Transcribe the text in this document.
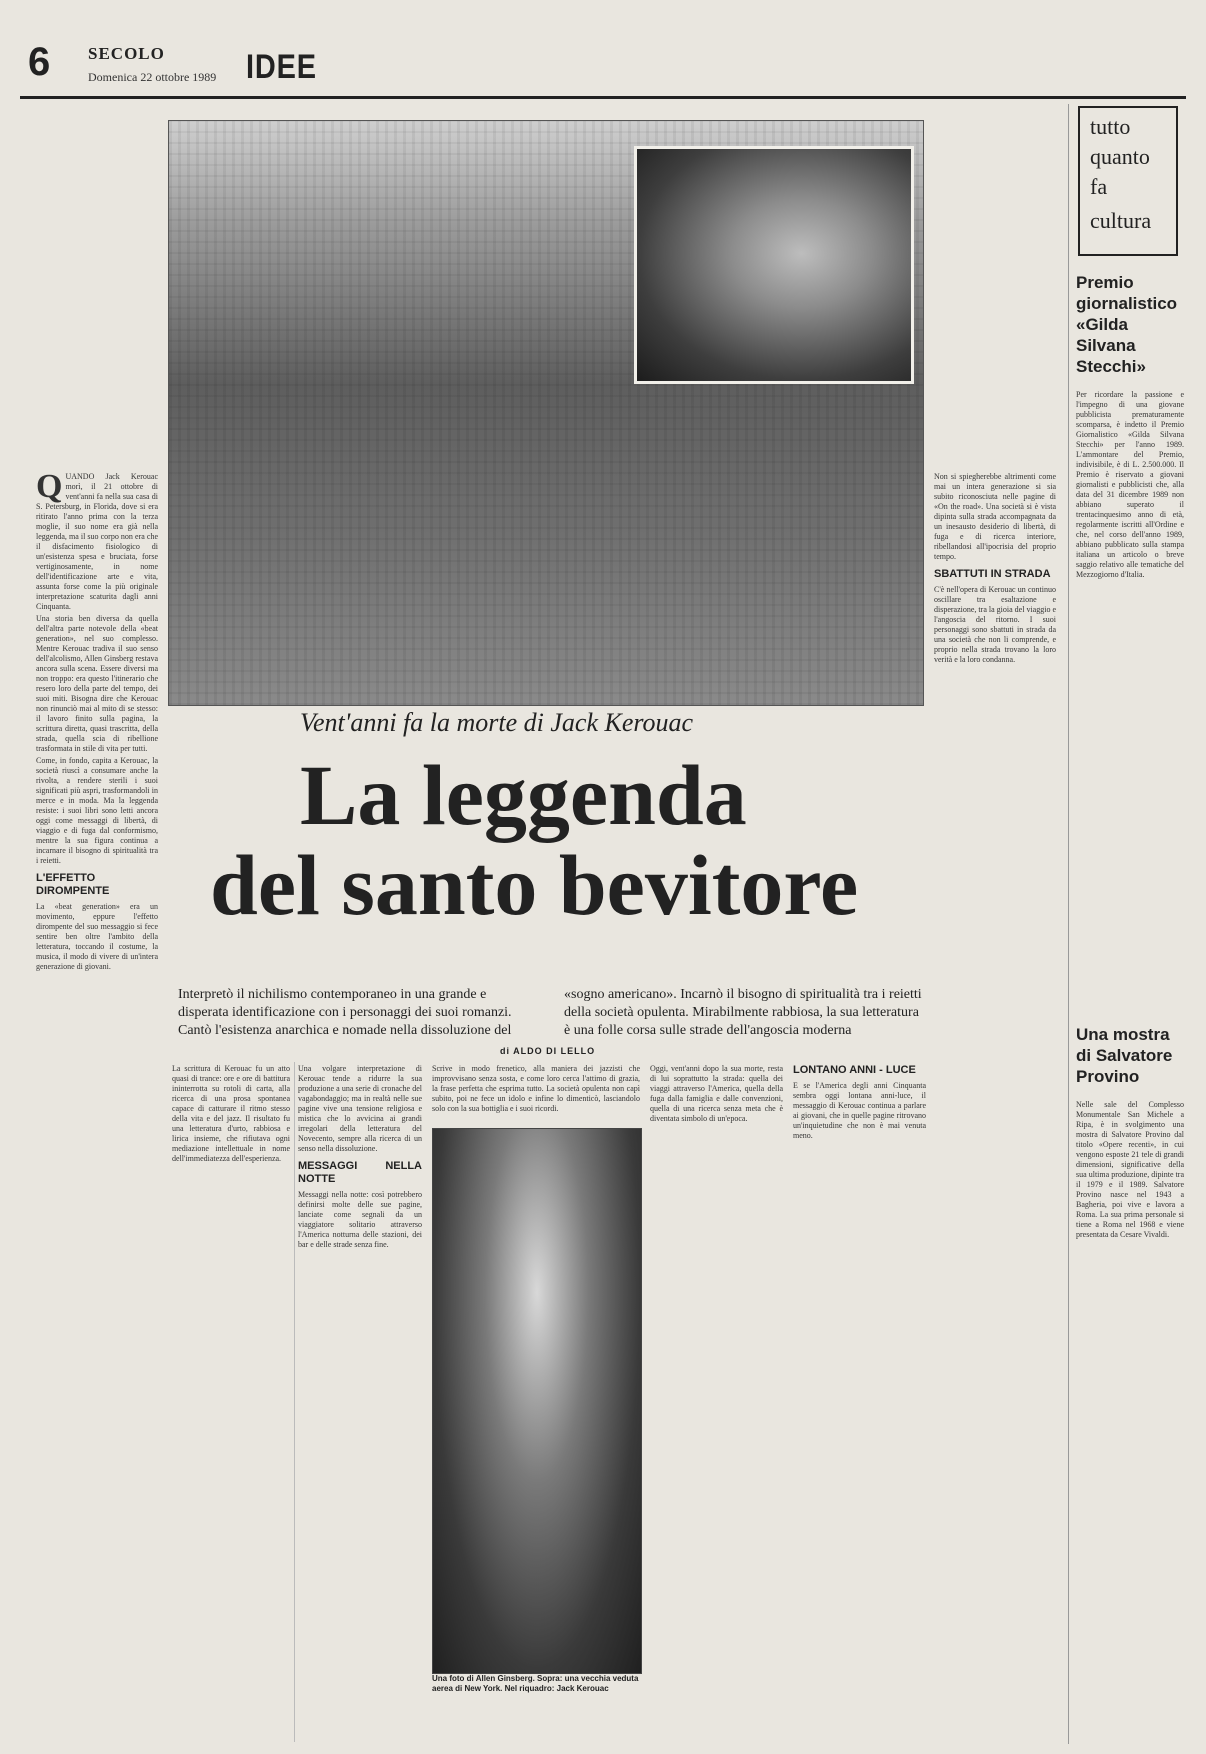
6 SECOLO
Domenica 22 ottobre 1989 IDEE

QUANDO Jack Kerouac morì, il 21 ottobre di vent'anni fa nella sua casa di S. Petersburg, in Florida, dove si era ritirato l'anno prima con la terza moglie, il suo nome era già nella leggenda, ma il suo corpo non era che il disfacimento fisiologico di un'esistenza spesa e bruciata, forse vertiginosamente, in nome dell'identificazione arte e vita, assunta forse come la più originale interpretazione scaturita dagli anni Cinquanta.

Una storia ben diversa da quella dell'altra parte notevole della «beat generation», nel suo complesso. Mentre Kerouac tradiva il suo senso dell'alcolismo, Allen Ginsberg restava ancora sulla scena. Essere diversi ma non troppo: era questo l'itinerario che resero loro della parte del tempo, dei suoi miti. Bisogna dire che Kerouac non rinunciò mai al mito di se stesso: il lavoro finito sulla pagina, la scrittura diretta, quasi trascritta, della strada, quella scia di ribellione trasformata in stile di vita per tutti.

Come, in fondo, capita a Kerouac, la società riuscì a consumare anche la rivolta, a rendere sterili i suoi significati più aspri, trasformandoli in merce e in moda. Ma la leggenda resiste: i suoi libri sono letti ancora oggi come messaggi di libertà, di viaggio e di fuga dal conformismo, mentre la sua figura continua a incarnare il bisogno di spiritualità tra i reietti.

L'EFFETTO DIROMPENTE

La «beat generation» era un movimento, eppure l'effetto dirompente del suo messaggio si fece sentire ben oltre l'ambito della letteratura, toccando il costume, la musica, il modo di vivere di un'intera generazione di giovani.

Vent'anni fa la morte di Jack Kerouac
La leggenda
del santo bevitore
Interpretò il nichilismo contemporaneo in una grande e disperata identificazione con i personaggi dei suoi romanzi. Cantò l'esistenza anarchica e nomade nella dissoluzione del «sogno americano». Incarnò il bisogno di spiritualità tra i reietti della società opulenta. Mirabilmente rabbiosa, la sua letteratura è una folle corsa sulle strade dell'angoscia moderna
di ALDO DI LELLO

Non si spiegherebbe altrimenti come mai un intera generazione si sia subito riconosciuta nelle pagine di «On the road». Una società si è vista dipinta sulla strada accompagnata da un inesausto desiderio di libertà, di fuga e di ricerca interiore, ribellandosi all'ipocrisia del proprio tempo.

SBATTUTI IN STRADA

C'è nell'opera di Kerouac un continuo oscillare tra esaltazione e disperazione, tra la gioia del viaggio e l'angoscia del ritorno. I suoi personaggi sono sbattuti in strada da una società che non li comprende, e proprio nella strada trovano la loro verità e la loro condanna.

La scrittura di Kerouac fu un atto quasi di trance: ore e ore di battitura ininterrotta su rotoli di carta, alla ricerca di una prosa spontanea capace di catturare il ritmo stesso della vita e del jazz. Il risultato fu una letteratura d'urto, rabbiosa e lirica insieme, che rifiutava ogni mediazione intellettuale in nome dell'immediatezza dell'esperienza.

Una volgare interpretazione di Kerouac tende a ridurre la sua produzione a una serie di cronache del vagabondaggio; ma in realtà nelle sue pagine vive una tensione religiosa e mistica che lo avvicina ai grandi irregolari della letteratura del Novecento, sempre alla ricerca di un senso nella dissoluzione.

MESSAGGI NELLA NOTTE

Messaggi nella notte: così potrebbero definirsi molte delle sue pagine, lanciate come segnali da un viaggiatore solitario attraverso l'America notturna delle stazioni, dei bar e delle strade senza fine.

Scrive in modo frenetico, alla maniera dei jazzisti che improvvisano senza sosta, e come loro cerca l'attimo di grazia, la frase perfetta che esprima tutto. La società opulenta non capì subito, poi ne fece un idolo e infine lo dimenticò, lasciandolo solo con la sua bottiglia e i suoi ricordi.

Una foto di Allen Ginsberg. Sopra: una vecchia veduta aerea di New York. Nel riquadro: Jack Kerouac

Oggi, vent'anni dopo la sua morte, resta di lui soprattutto la strada: quella dei viaggi attraverso l'America, quella della fuga dalla famiglia e dalle convenzioni, quella di una ricerca senza meta che è diventata simbolo di un'epoca.

LONTANO ANNI - LUCE

E se l'America degli anni Cinquanta sembra oggi lontana anni-luce, il messaggio di Kerouac continua a parlare ai giovani, che in quelle pagine ritrovano un'inquietudine che non è mai venuta meno.

tutto
quanto
fa
cultura
Premio giornalistico «Gilda Silvana Stecchi»
Per ricordare la passione e l'impegno di una giovane pubblicista prematuramente scomparsa, è indetto il Premio Giornalistico «Gilda Silvana Stecchi» per l'anno 1989. L'ammontare del Premio, indivisibile, è di L. 2.500.000. Il Premio è riservato a giovani giornalisti e pubblicisti che, alla data del 31 dicembre 1989 non abbiano superato il trentacinquesimo anno di età, regolarmente iscritti all'Ordine e che, nel corso dell'anno 1989, abbiano pubblicato sulla stampa italiana un articolo o breve saggio relativo alle tematiche del Mezzogiorno d'Italia.
Una mostra di Salvatore Provino
Nelle sale del Complesso Monumentale San Michele a Ripa, è in svolgimento una mostra di Salvatore Provino dal titolo «Opere recenti», in cui vengono esposte 21 tele di grandi dimensioni, significative della sua ultima produzione, dipinte tra il 1979 e il 1989. Salvatore Provino nasce nel 1943 a Bagheria, poi vive e lavora a Roma. La sua prima personale si tiene a Roma nel 1968 e viene presentata da Cesare Vivaldi.
